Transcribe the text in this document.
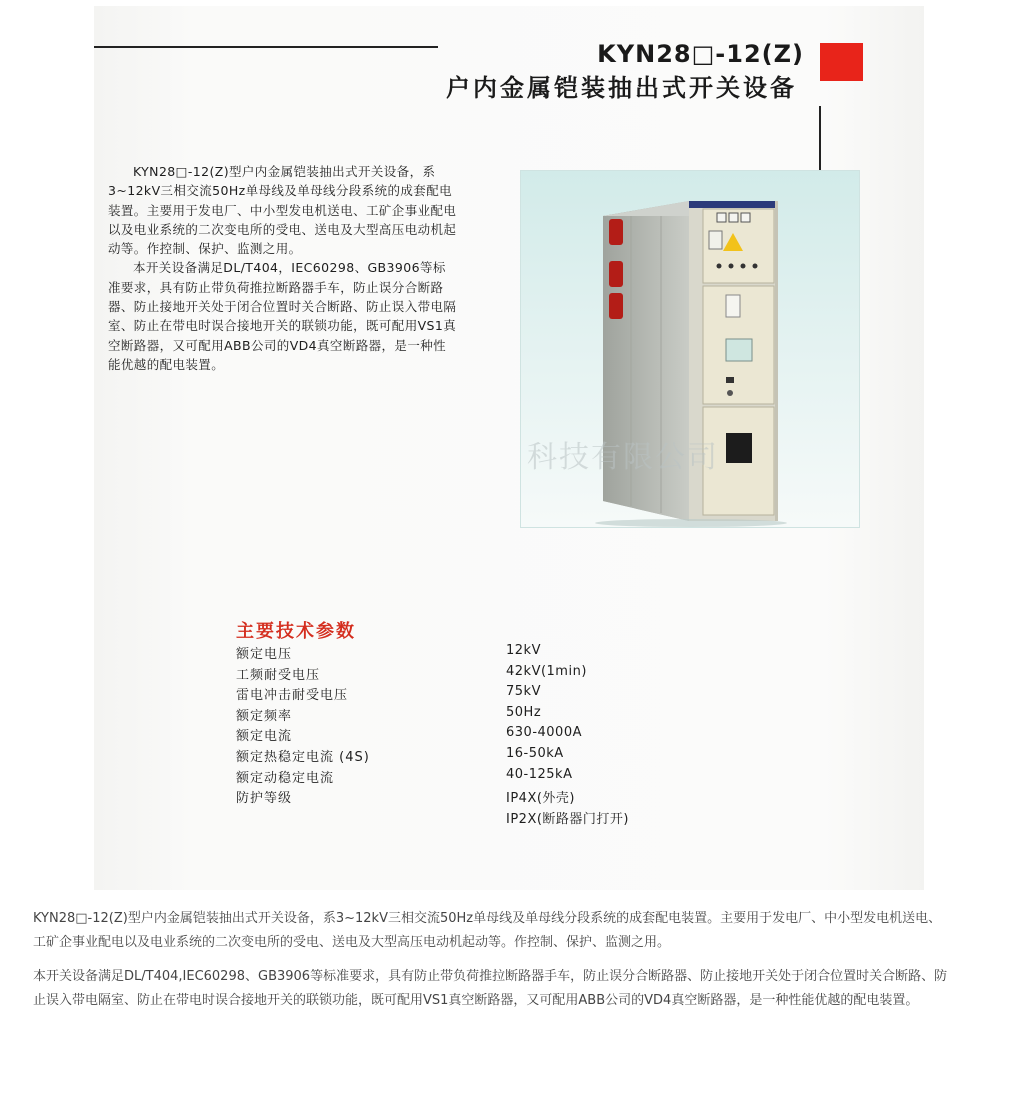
KYN28□-12(Z)
户内金属铠装抽出式开关设备

KYN28□-12(Z)型户内金属铠装抽出式开关设备，系3~12kV三相交流50Hz单母线及单母线分段系统的成套配电装置。主要用于发电厂、中小型发电机送电、工矿企事业配电以及电业系统的二次变电所的受电、送电及大型高压电动机起动等。作控制、保护、监测之用。

本开关设备满足DL/T404，IEC60298、GB3906等标准要求，具有防止带负荷推拉断路器手车，防止误分合断路器、防止接地开关处于闭合位置时关合断路、防止误入带电隔室、防止在带电时误合接地开关的联锁功能，既可配用VS1真空断路器，又可配用ABB公司的VD4真空断路器，是一种性能优越的配电装置。

科技有限公司
主要技术参数
额定电压	12kV
工频耐受电压	42kV(1min)
雷电冲击耐受电压	75kV
额定频率	50Hz
额定电流	630-4000A
额定热稳定电流 (4S)	16-50kA
额定动稳定电流	40-125kA
防护等级	IP4X(外壳)
IP2X(断路器门打开)

KYN28□-12(Z)型户内金属铠装抽出式开关设备，系3~12kV三相交流50Hz单母线及单母线分段系统的成套配电装置。主要用于发电厂、中小型发电机送电、工矿企事业配电以及电业系统的二次变电所的受电、送电及大型高压电动机起动等。作控制、保护、监测之用。

本开关设备满足DL/T404,IEC60298、GB3906等标准要求，具有防止带负荷推拉断路器手车，防止误分合断路器、防止接地开关处于闭合位置时关合断路、防止误入带电隔室、防止在带电时误合接地开关的联锁功能，既可配用VS1真空断路器，又可配用ABB公司的VD4真空断路器，是一种性能优越的配电装置。
